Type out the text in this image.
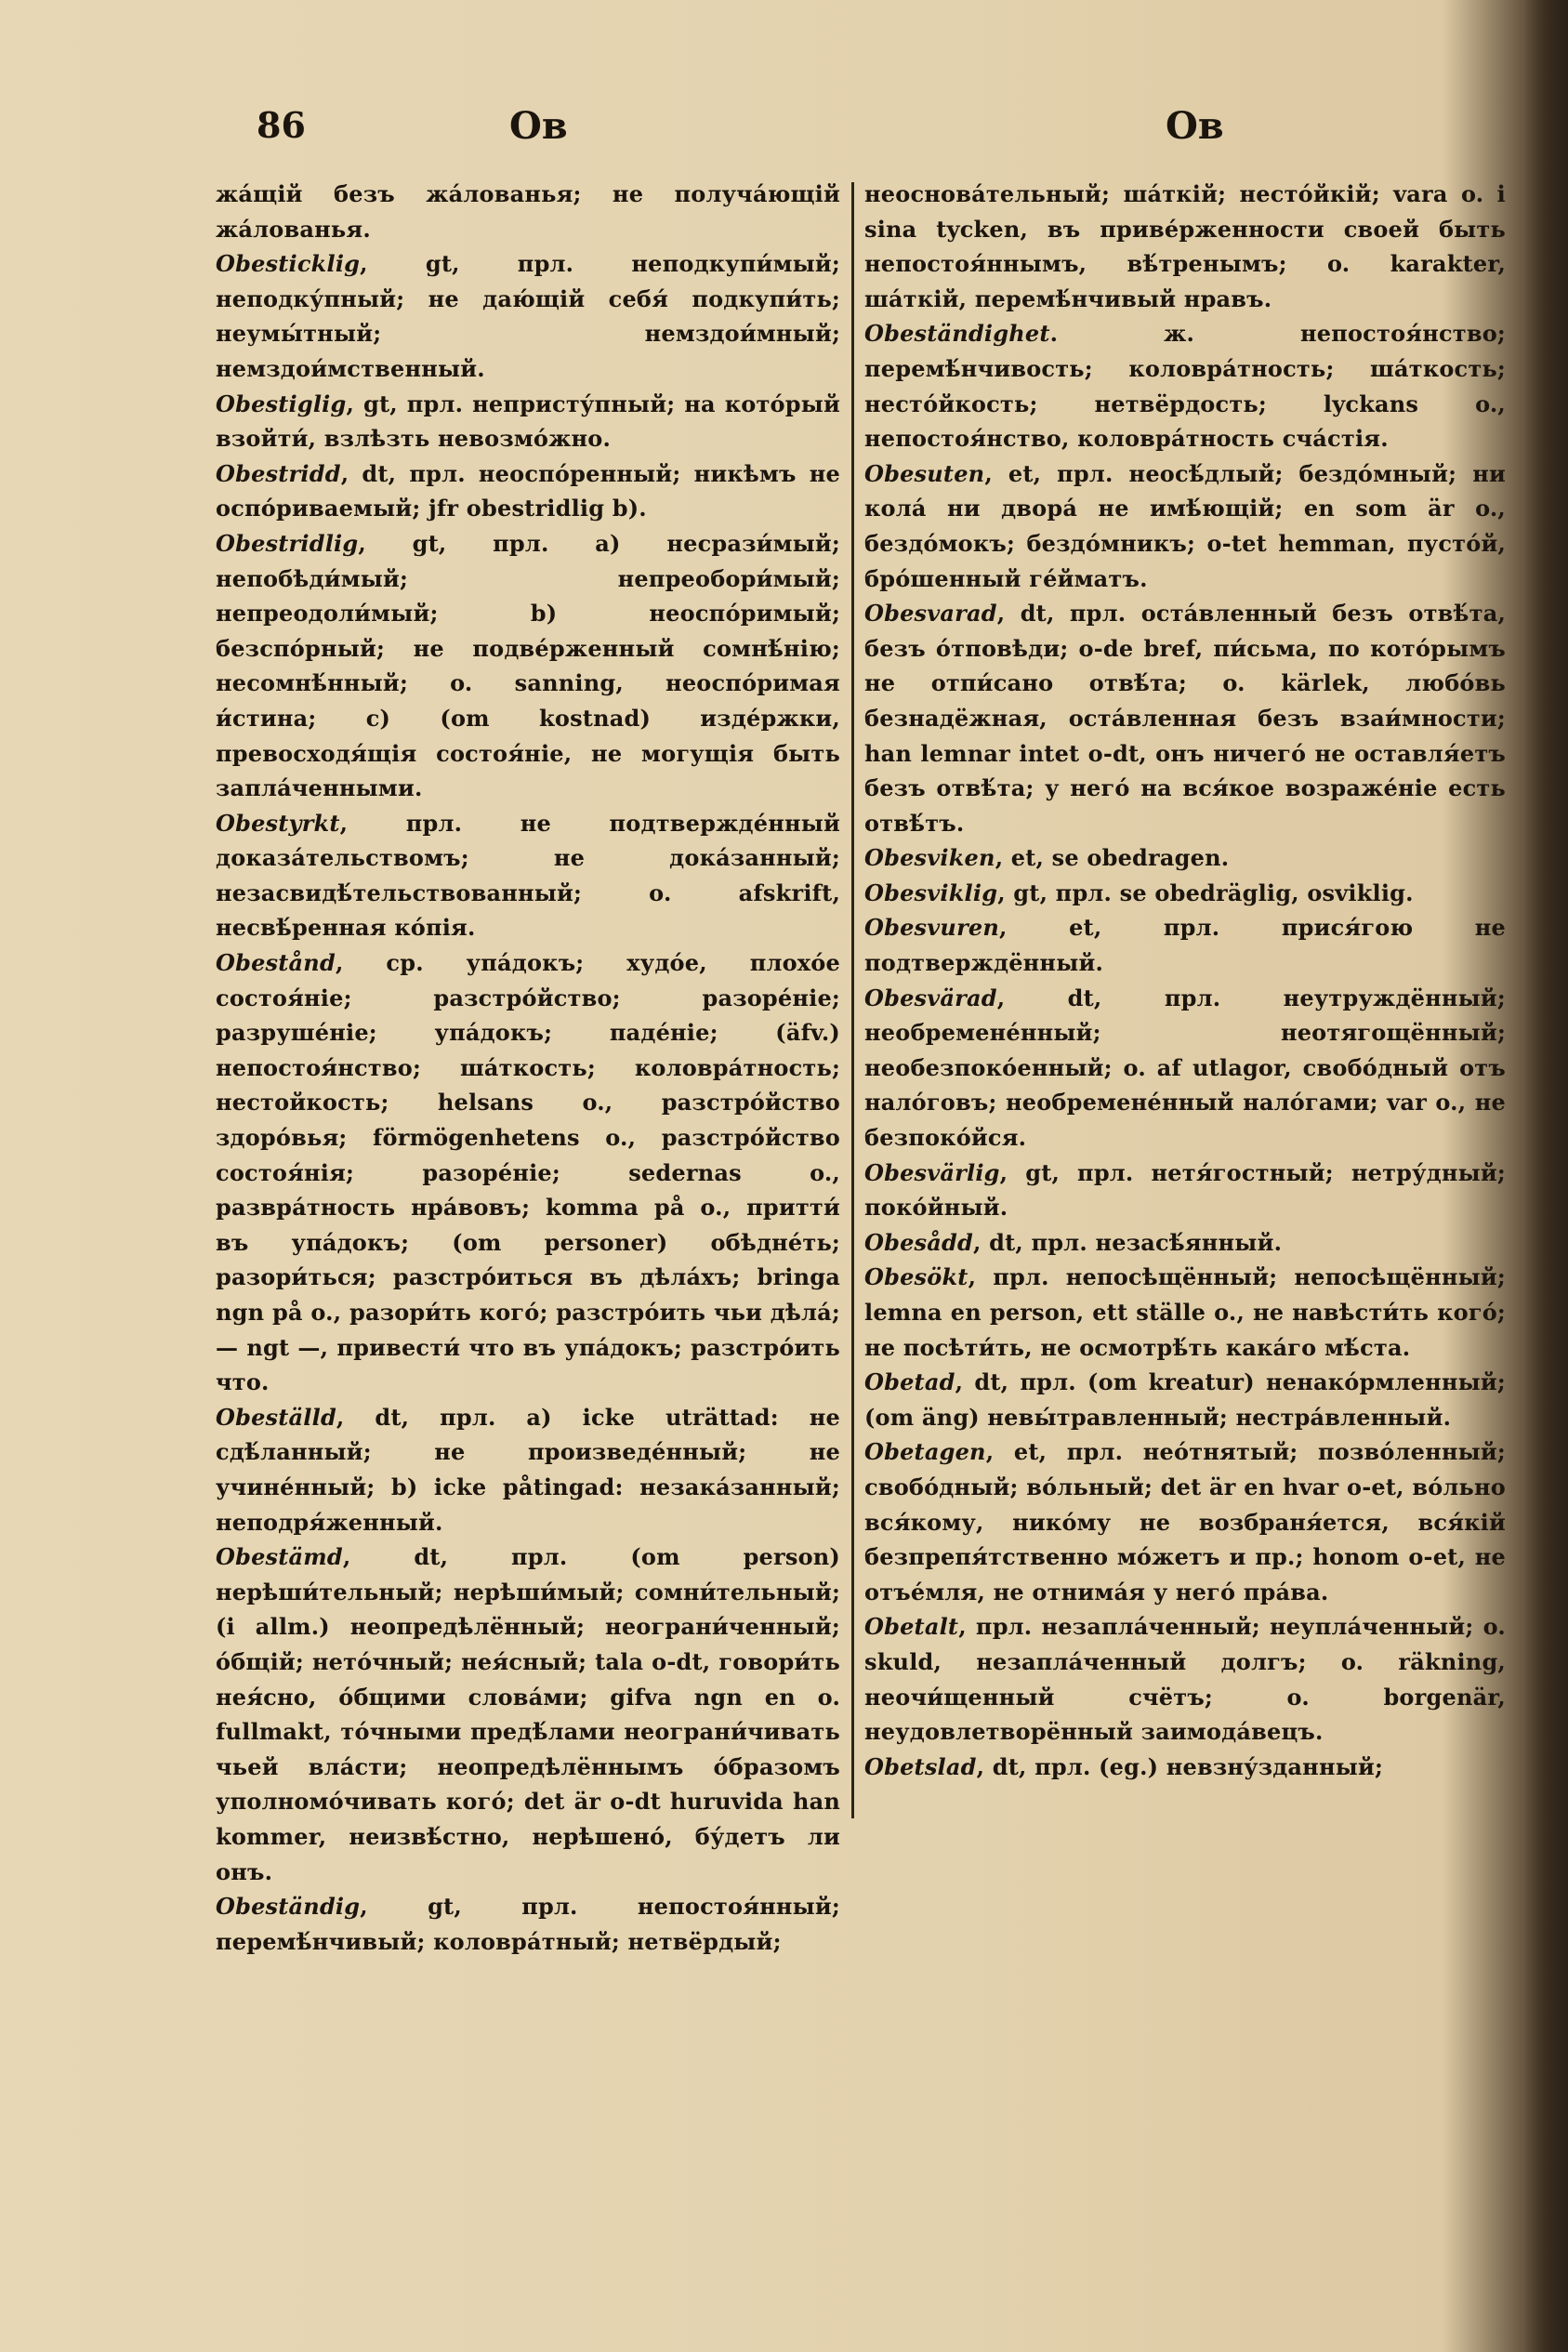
86	Ов	Ов
жа́щій безъ жа́лованья; не получа́ющій жа́лованья.
Obesticklig, gt, прл. неподкупи́мый; неподку́пный; не даю́щій себя́ подкупи́ть; неумы́тный; немздои́мный; немздои́мственный.
Obestiglig, gt, прл. непристу́пный; на кото́рый взойти́, взлѣзть невозмо́жно.
Obestridd, dt, прл. неоспо́ренный; никѣмъ не оспо́риваемый; jfr obestridlig b).
Obestridlig, gt, прл. a) несрази́мый; непобѣди́мый; непреобори́мый; непреодоли́мый; b) неоспо́римый; безспо́рный; не подве́рженный сомнѣ́нію; несомнѣ́нный; o. sanning, неоспо́римая и́стина; c) (om kostnad) изде́ржки, превосходя́щія состоя́ніе, не могущія быть запла́ченными.
Obestyrkt, прл. не подтвержде́нный доказа́тельствомъ; не дока́занный; незасвидѣ́тельствованный; o. afskrift, несвѣ́ренная ко́пія.
Obestånd, ср. упа́докъ; худо́е, плохо́е состоя́ніе; разстро́йство; разоре́ніе; разруше́ніе; упа́докъ; паде́ніе; (äfv.) непостоя́нство; ша́ткость; коловра́тность; нестойкость; helsans o., разстро́йство здоро́вья; förmögenhetens o., разстро́йство состоя́нія; разоре́ніе; sedernas o., развра́тность нра́вовъ; komma på o., притти́ въ упа́докъ; (om personer) обѣдне́ть; разори́ться; разстро́иться въ дѣла́хъ; bringa ngn på o., разори́ть кого́; разстро́ить чьи дѣла́; — ngt —, привести́ что въ упа́докъ; разстро́ить что.
Obeställd, dt, прл. a) icke uträttad: не сдѣ́ланный; не произведе́нный; не учине́нный; b) icke påtingad: незака́занный; неподря́женный.
Obestämd, dt, прл. (om person) нерѣши́тельный; нерѣши́мый; сомни́тельный; (i allm.) неопредѣлённый; неограни́ченный; о́бщій; нето́чный; нея́сный; tala o-dt, говори́ть нея́сно, о́бщими слова́ми; gifva ngn en o. fullmakt, то́чными предѣ́лами неограни́чивать чьей вла́сти; неопредѣлённымъ о́бразомъ уполномо́чивать кого́; det är o-dt huruvida han kommer, неизвѣ́стно, нерѣшено́, бу́детъ ли онъ.
Obeständig, gt, прл. непостоя́нный; перемѣ́нчивый; коловра́тный; нетвёрдый;
неоснова́тельный; ша́ткій; несто́йкій; vara o. i sina tycken, въ приве́рженности своей быть непостоя́ннымъ, вѣ́тренымъ; o. karakter, ша́ткій, перемѣ́нчивый нравъ.
Obeständighet. ж. непостоя́нство; перемѣ́нчивость; коловра́тность; ша́ткость; несто́йкость; нетвёрдость; lyckans o., непостоя́нство, коловра́тность сча́стія.
Obesuten, et, прл. неосѣ́длый; бездо́мный; ни кола́ ни двора́ не имѣ́ющій; en som är o., бездо́мокъ; бездо́мникъ; o-tet hemman, пусто́й, бро́шенный ге́йматъ.
Obesvarad, dt, прл. оста́вленный безъ отвѣ́та, безъ о́тповѣди; o-de bref, пи́сьма, по кото́рымъ не отпи́сано отвѣ́та; o. kärlek, любо́вь безнадёжная, оста́вленная безъ взаи́мности; han lemnar intet o-dt, онъ ничего́ не оставля́етъ безъ отвѣ́та; у него́ на вся́кое возраже́ніе есть отвѣ́тъ.
Obesviken, et, se obedragen.
Obesviklig, gt, прл. se obedräglig, osviklig.
Obesvuren, et, прл. прися́гою не подтверждённый.
Obesvärad, dt, прл. неутруждённый; необремене́нный; неотягощённый; необезпоко́енный; o. af utlagor, свобо́дный отъ нало́говъ; необремене́нный нало́гами; var o., не безпоко́йся.
Obesvärlig, gt, прл. нетя́гостный; нетру́дный; поко́йный.
Obesådd, dt, прл. незасѣ́янный.
Obesökt, прл. непосѣщённый; непосѣщённый; lemna en person, ett ställe o., не навѣсти́ть кого́; не посѣти́ть, не осмотрѣ́ть кака́го мѣ́ста.
Obetad, dt, прл. (om kreatur) ненако́рмленный; (om äng) невы́травленный; нестра́вленный.
Obetagen, et, прл. нео́тнятый; позво́ленный; свобо́дный; во́льный; det är en hvar o-et, во́льно вся́кому, нико́му не возбраня́ется, вся́кій безпрепя́тственно мо́жетъ и пр.; honom o-et, не отъе́мля, не отнима́я у него́ пра́ва.
Obetalt, прл. незапла́ченный; неупла́ченный; o. skuld, незапла́ченный долгъ; o. räkning, неочи́щенный счётъ; o. borgenär, неудовлетворённый заимода́вецъ.
Obetslad, dt, прл. (eg.) невзну́зданный;
